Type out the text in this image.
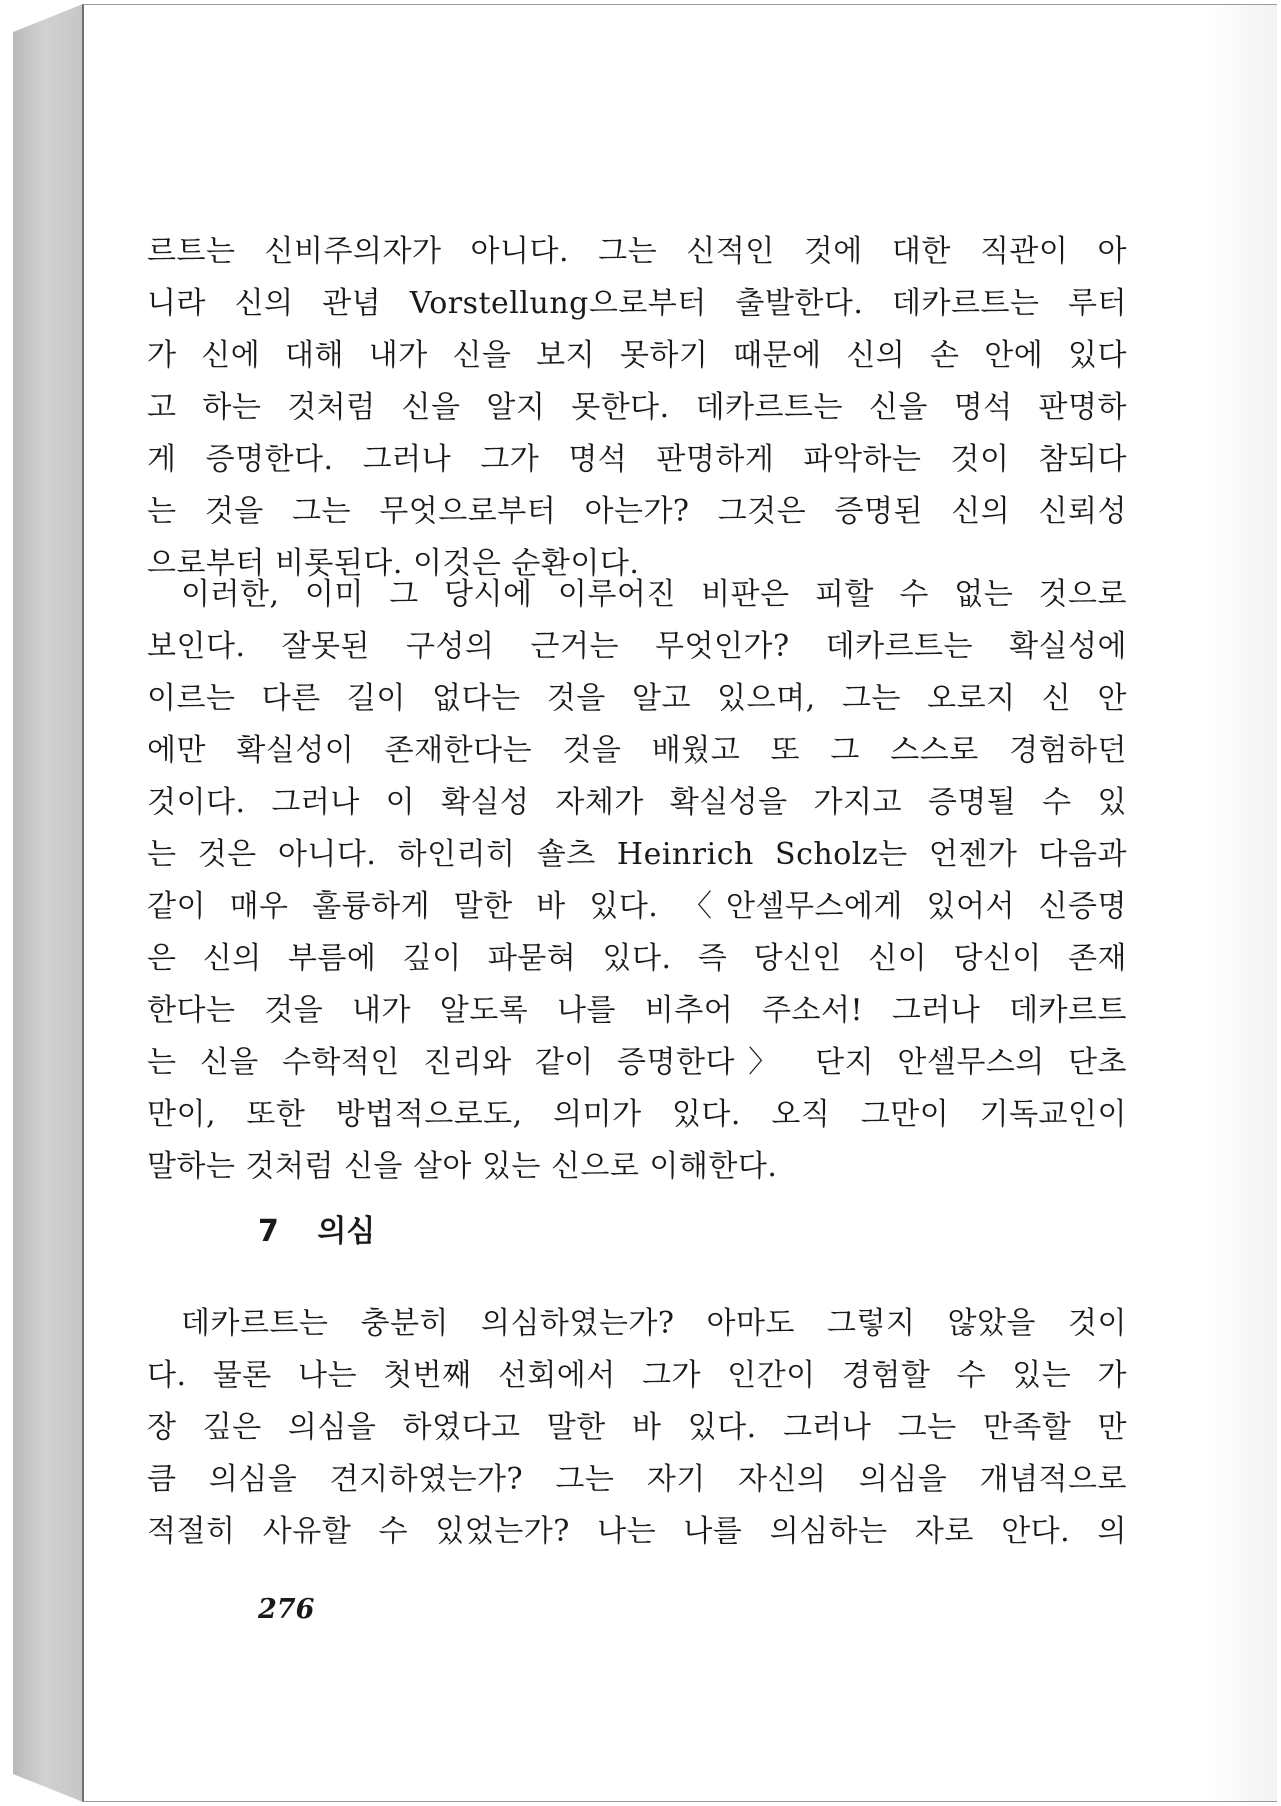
르트는 신비주의자가 아니다. 그는 신적인 것에 대한 직관이 아
니라 신의 관념 Vorstellung으로부터 출발한다. 데카르트는 루터
가 신에 대해 내가 신을 보지 못하기 때문에 신의 손 안에 있다
고 하는 것처럼 신을 알지 못한다. 데카르트는 신을 명석 판명하
게 증명한다. 그러나 그가 명석 판명하게 파악하는 것이 참되다
는 것을 그는 무엇으로부터 아는가? 그것은 증명된 신의 신뢰성
으로부터 비롯된다. 이것은 순환이다.
이러한, 이미 그 당시에 이루어진 비판은 피할 수 없는 것으로
보인다. 잘못된 구성의 근거는 무엇인가? 데카르트는 확실성에
이르는 다른 길이 없다는 것을 알고 있으며, 그는 오로지 신 안
에만 확실성이 존재한다는 것을 배웠고 또 그 스스로 경험하던
것이다. 그러나 이 확실성 자체가 확실성을 가지고 증명될 수 있
는 것은 아니다. 하인리히 숄츠 Heinrich Scholz는 언젠가 다음과
같이 매우 훌륭하게 말한 바 있다. 〈안셀무스에게 있어서 신증명
은 신의 부름에 깊이 파묻혀 있다. 즉 당신인 신이 당신이 존재
한다는 것을 내가 알도록 나를 비추어 주소서! 그러나 데카르트
는 신을 수학적인 진리와 같이 증명한다〉 단지 안셀무스의 단초
만이, 또한 방법적으로도, 의미가 있다. 오직 그만이 기독교인이
말하는 것처럼 신을 살아 있는 신으로 이해한다.
7 의심
데카르트는 충분히 의심하였는가? 아마도 그렇지 않았을 것이
다. 물론 나는 첫번째 선회에서 그가 인간이 경험할 수 있는 가
장 깊은 의심을 하였다고 말한 바 있다. 그러나 그는 만족할 만
큼 의심을 견지하였는가? 그는 자기 자신의 의심을 개념적으로
적절히 사유할 수 있었는가? 나는 나를 의심하는 자로 안다. 의
276
